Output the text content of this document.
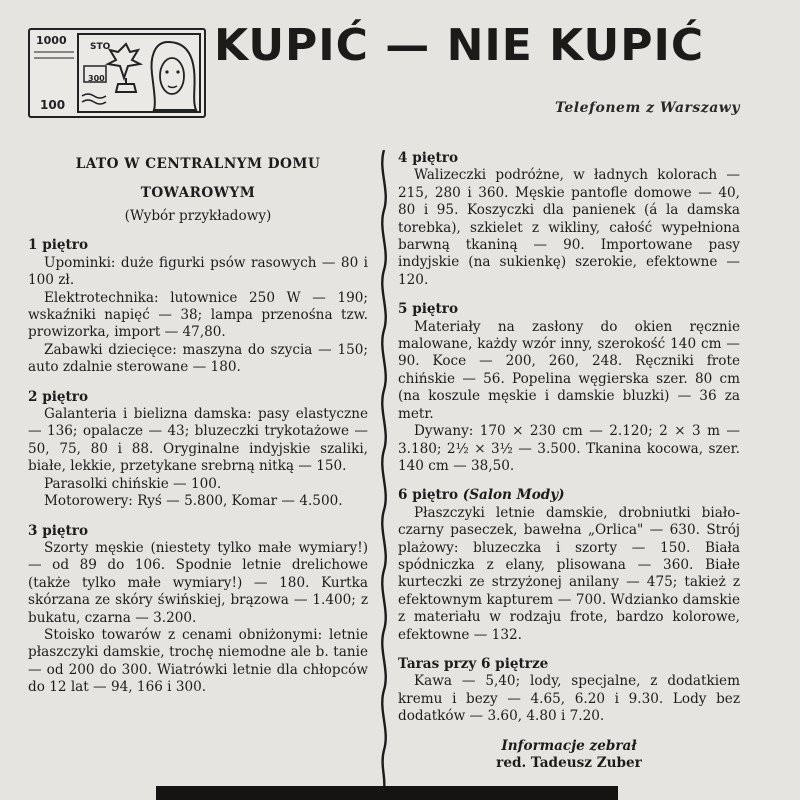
1000	STO
300
100
KUPIĆ — NIE KUPIĆ
Telefonem z Warszawy
LATO W CENTRALNYM DOMU
TOWAROWYM
(Wybór przykładowy)
1 piętro

Upominki: duże figurki psów rasowych — 80 i 100 zł.

Elektrotechnika: lutownice 250 W — 190; wskaźniki napięć — 38; lampa przenośna tzw. prowizorka, import — 47,80.

Zabawki dziecięce: maszyna do szycia — 150; auto zdalnie sterowane — 180.

2 piętro

Galanteria i bielizna damska: pasy elastyczne — 136; opalacze — 43; bluzeczki trykotażowe — 50, 75, 80 i 88. Oryginalne indyjskie szaliki, białe, lekkie, przetykane srebrną nitką — 150.

Parasolki chińskie — 100.

Motorowery: Ryś — 5.800, Komar — 4.500.

3 piętro

Szorty męskie (niestety tylko małe wymiary!) — od 89 do 106. Spodnie letnie drelichowe (także tylko małe wymiary!) — 180. Kurtka skórzana ze skóry świńskiej, brązowa — 1.400; z bukatu, czarna — 3.200.

Stoisko towarów z cenami obniżonymi: letnie płaszczyki damskie, trochę niemodne ale b. tanie — od 200 do 300. Wiatrówki letnie dla chłopców do 12 lat — 94, 166 i 300.

4 piętro

Walizeczki podróżne, w ładnych kolorach — 215, 280 i 360. Męskie pantofle domowe — 40, 80 i 95. Koszyczki dla panienek (á la damska torebka), szkielet z wikliny, całość wypełniona barwną tkaniną — 90. Importowane pasy indyjskie (na sukienkę) szerokie, efektowne — 120.

5 piętro

Materiały na zasłony do okien ręcznie malowane, każdy wzór inny, szerokość 140 cm — 90. Koce — 200, 260, 248. Ręczniki frote chińskie — 56. Popelina węgierska szer. 80 cm (na koszule męskie i damskie bluzki) — 36 za metr.

Dywany: 170 × 230 cm — 2.120; 2 × 3 m — 3.180; 2½ × 3½ — 3.500. Tkanina kocowa, szer. 140 cm — 38,50.

6 piętro (Salon Mody)

Płaszczyki letnie damskie, drobniutki biało-czarny paseczek, bawełna „Orlica" — 630. Strój plażowy: bluzeczka i szorty — 150. Biała spódniczka z elany, plisowana — 360. Białe kurteczki ze strzyżonej anilany — 475; takież z efektownym kapturem — 700. Wdzianko damskie z materiału w rodzaju frote, bardzo kolorowe, efektowne — 132.

Taras przy 6 piętrze

Kawa — 5,40; lody, specjalne, z dodatkiem kremu i bezy — 4.65, 6.20 i 9.30. Lody bez dodatków — 3.60, 4.80 i 7.20.

Informacje zebrał
red. Tadeusz Zuber
